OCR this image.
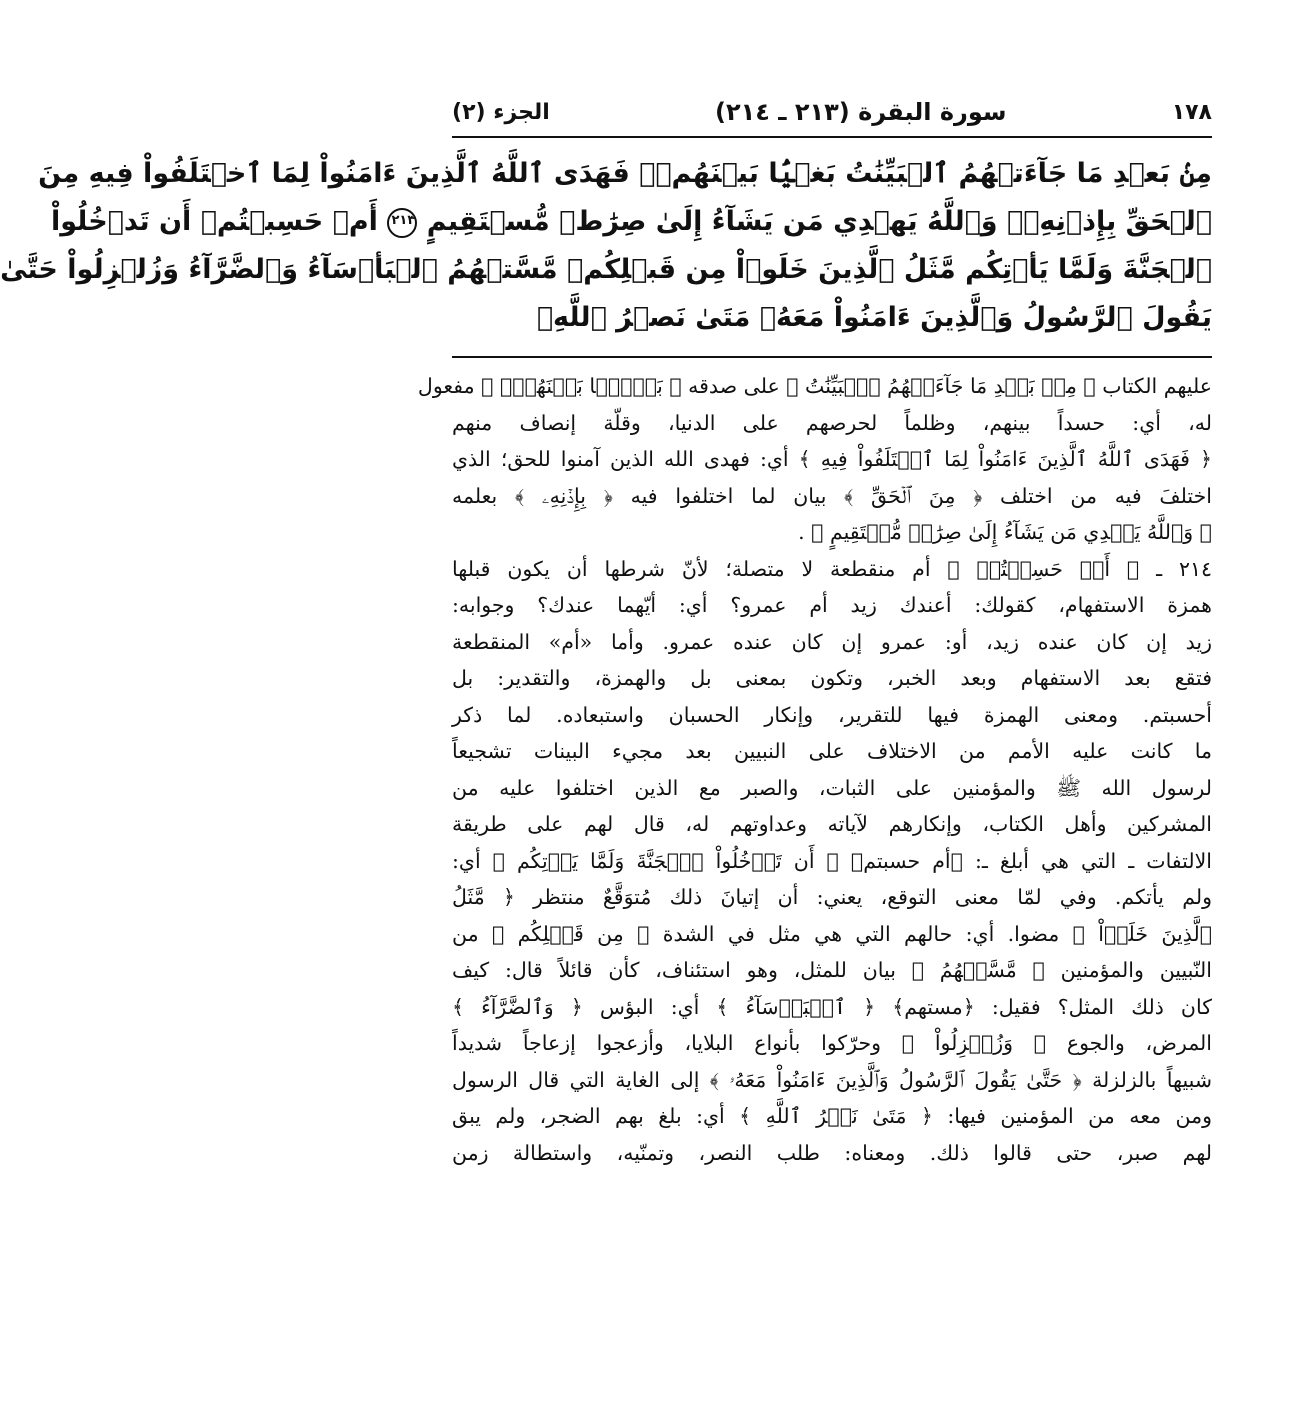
١٧٨
سورة البقرة (٢١٣ ـ ٢١٤)
الجزء (٢)
مِنۢ بَعۡدِ مَا جَآءَتۡهُمُ ٱلۡبَيِّنَٰتُ بَغۡيَۢا بَيۡنَهُمۡۖ فَهَدَى ٱللَّهُ ٱلَّذِينَ ءَامَنُواْ لِمَا ٱخۡتَلَفُواْ فِيهِ مِنَ
ٱلۡحَقِّ بِإِذۡنِهِۦۗ وَٱللَّهُ يَهۡدِي مَن يَشَآءُ إِلَىٰ صِرَٰطٖ مُّسۡتَقِيمٍ ٢١٣ أَمۡ حَسِبۡتُمۡ أَن تَدۡخُلُواْ
ٱلۡجَنَّةَ وَلَمَّا يَأۡتِكُم مَّثَلُ ٱلَّذِينَ خَلَوۡاْ مِن قَبۡلِكُمۖ مَّسَّتۡهُمُ ٱلۡبَأۡسَآءُ وَٱلضَّرَّآءُ وَزُلۡزِلُواْ حَتَّىٰ
يَقُولَ ٱلرَّسُولُ وَٱلَّذِينَ ءَامَنُواْ مَعَهُۥ مَتَىٰ نَصۡرُ ٱللَّهِۗ
عليهم الكتاب ﴿ مِنۢ بَعۡدِ مَا جَآءَتۡهُمُ ٱلۡبَيِّنَٰتُ ﴾ على صدقه ﴿ بَغۡيَۢا بَيۡنَهُمۡۖ ﴾ مفعول
له، أي: حسداً بينهم، وظلماً لحرصهم على الدنيا، وقلّة إنصاف منهم
﴿ فَهَدَى ٱللَّهُ ٱلَّذِينَ ءَامَنُواْ لِمَا ٱخۡتَلَفُواْ فِيهِ ﴾ أي: فهدى الله الذين آمنوا للحق؛ الذي
اختلفَ فيه من اختلف ﴿ مِنَ ٱلۡحَقِّ ﴾ بيان لما اختلفوا فيه ﴿ بِإِذۡنِهِۦ ﴾ بعلمه
﴿ وَٱللَّهُ يَهۡدِي مَن يَشَآءُ إِلَىٰ صِرَٰطٖ مُّسۡتَقِيمٍ ﴾ .
٢١٤ ـ ﴿ أَمۡ حَسِبۡتُمۡ ﴾ أم منقطعة لا متصلة؛ لأنّ شرطها أن يكون قبلها
همزة الاستفهام، كقولك: أعندك زيد أم عمرو؟ أي: أيّهما عندك؟ وجوابه:
زيد إن كان عنده زيد، أو: عمرو إن كان عنده عمرو. وأما «أم» المنقطعة
فتقع بعد الاستفهام وبعد الخبر، وتكون بمعنى بل والهمزة، والتقدير: بل
أحسبتم. ومعنى الهمزة فيها للتقرير، وإنكار الحسبان واستبعاده. لما ذكر
ما كانت عليه الأمم من الاختلاف على النبيين بعد مجيء البينات تشجيعاً
لرسول الله ﷺ والمؤمنين على الثبات، والصبر مع الذين اختلفوا عليه من
المشركين وأهل الكتاب، وإنكارهم لآياته وعداوتهم له، قال لهم على طريقة
الالتفات ـ التي هي أبلغ ـ: ﴿أم حسبتم﴾ ﴿ أَن تَدۡخُلُواْ ٱلۡجَنَّةَ وَلَمَّا يَأۡتِكُم ﴾ أي:
ولم يأتكم. وفي لمّا معنى التوقع، يعني: أن إتيانَ ذلك مُتوَقَّعٌ منتظر ﴿ مَّثَلُ
ٱلَّذِينَ خَلَوۡاْ ﴾ مضوا. أي: حالهم التي هي مثل في الشدة ﴿ مِن قَبۡلِكُم ﴾ من
النّبيين والمؤمنين ﴿ مَّسَّتۡهُمُ ﴾ بيان للمثل، وهو استئناف، كأن قائلاً قال: كيف
كان ذلك المثل؟ فقيل: ﴿مستهم﴾ ﴿ ٱلۡبَأۡسَآءُ ﴾ أي: البؤس ﴿ وَٱلضَّرَّآءُ ﴾
المرض، والجوع ﴿ وَزُلۡزِلُواْ ﴾ وحرّكوا بأنواع البلايا، وأزعجوا إزعاجاً شديداً
شبيهاً بالزلزلة ﴿ حَتَّىٰ يَقُولَ ٱلرَّسُولُ وَٱلَّذِينَ ءَامَنُواْ مَعَهُۥ ﴾ إلى الغاية التي قال الرسول
ومن معه من المؤمنين فيها: ﴿ مَتَىٰ نَصۡرُ ٱللَّهِ ﴾ أي: بلغ بهم الضجر، ولم يبق
لهم صبر، حتى قالوا ذلك. ومعناه: طلب النصر، وتمنّيه، واستطالة زمن
